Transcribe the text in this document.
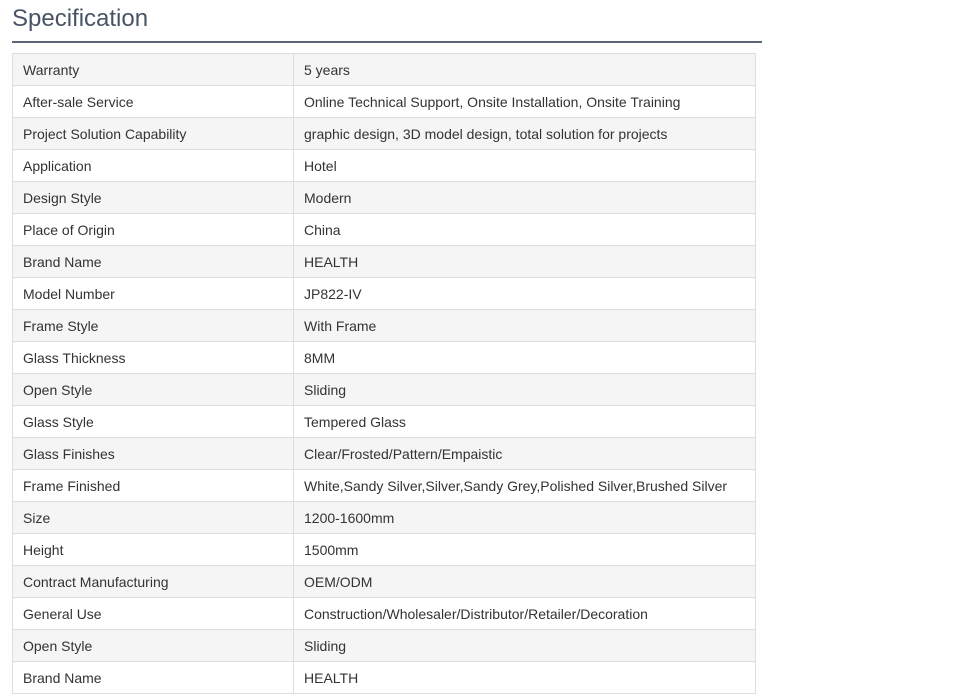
Specification
Warranty	5 years
After-sale Service	Online Technical Support, Onsite Installation, Onsite Training
Project Solution Capability	graphic design, 3D model design, total solution for projects
Application	Hotel
Design Style	Modern
Place of Origin	China
Brand Name	HEALTH
Model Number	JP822-IV
Frame Style	With Frame
Glass Thickness	8MM
Open Style	Sliding
Glass Style	Tempered Glass
Glass Finishes	Clear/Frosted/Pattern/Empaistic
Frame Finished	White,Sandy Silver,Silver,Sandy Grey,Polished Silver,Brushed Silver
Size	1200-1600mm
Height	1500mm
Contract Manufacturing	OEM/ODM
General Use	Construction/Wholesaler/Distributor/Retailer/Decoration
Open Style	Sliding
Brand Name	HEALTH
